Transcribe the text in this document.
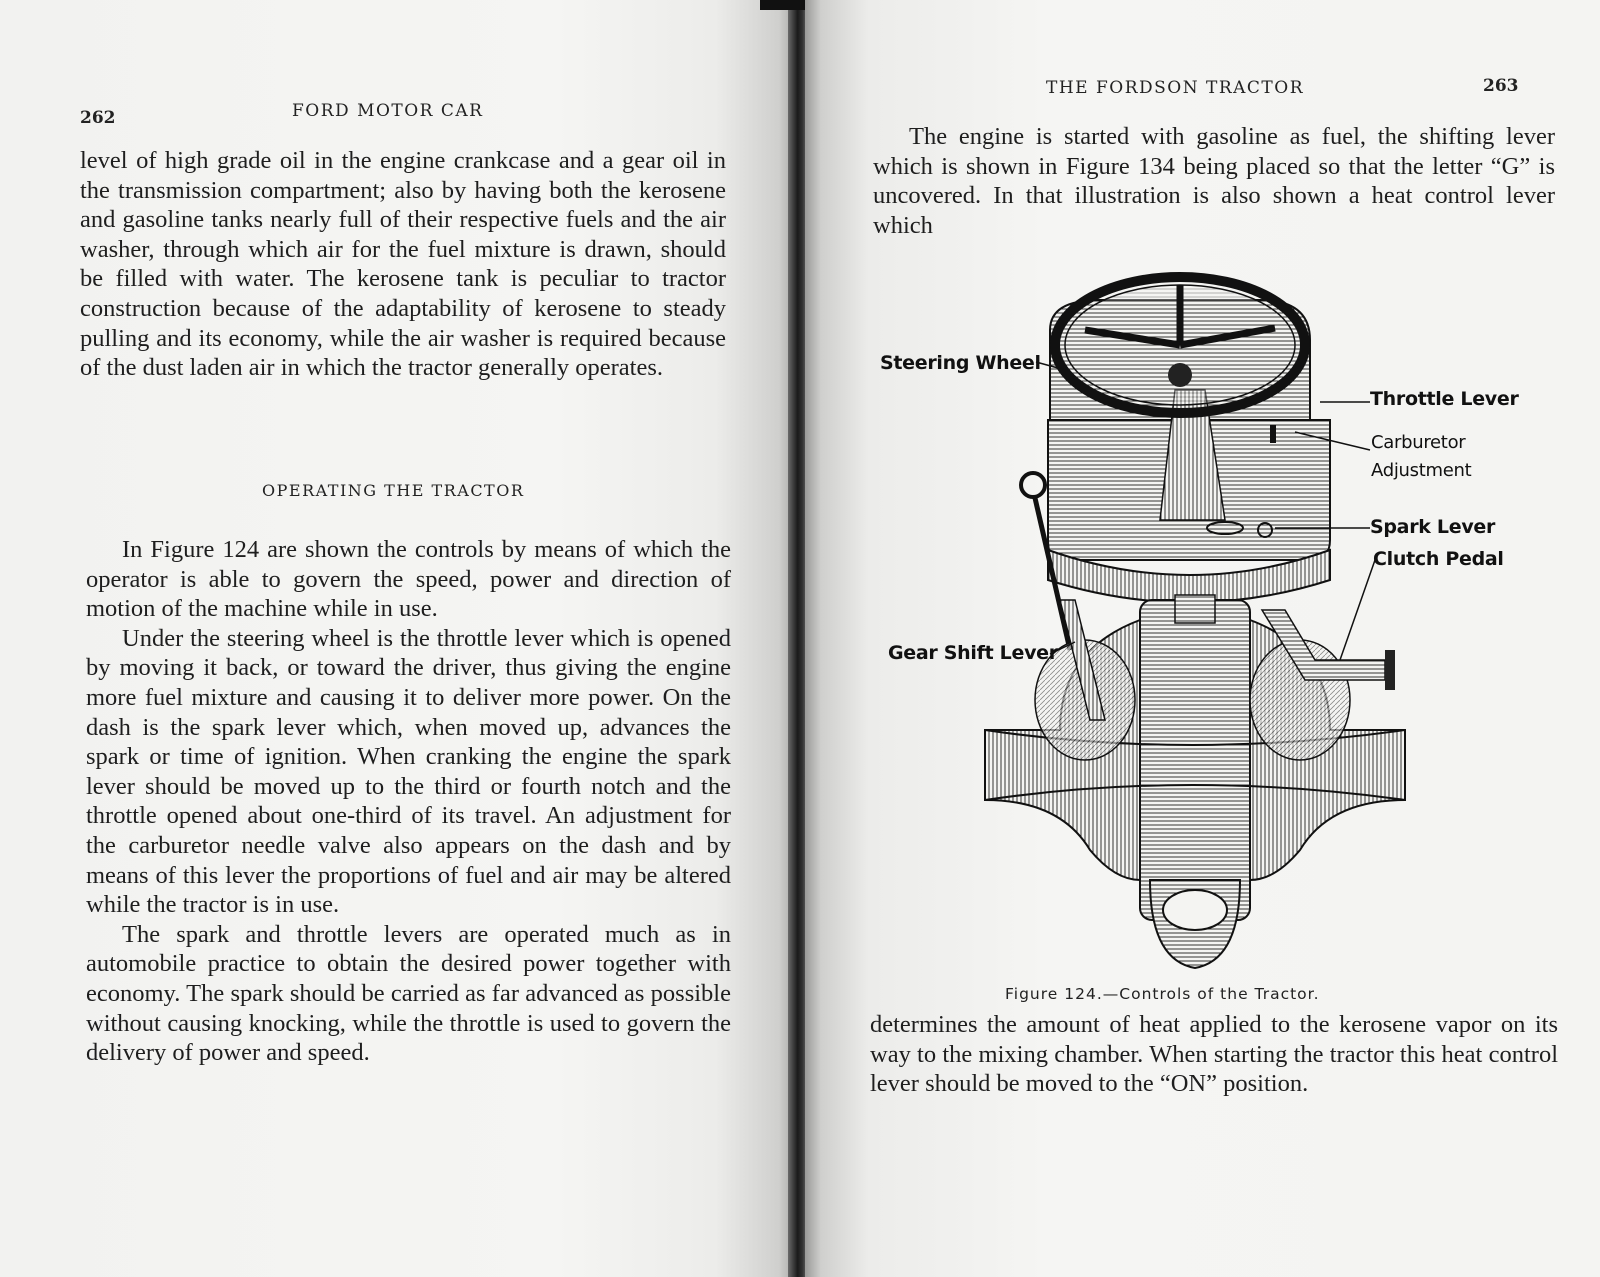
262	FORD MOTOR CAR

level of high grade oil in the engine crankcase and a gear oil in the transmission compartment; also by having both the kerosene and gasoline tanks nearly full of their respective fuels and the air washer, through which air for the fuel mixture is drawn, should be filled with water. The kerosene tank is peculiar to tractor construction because of the adaptability of kerosene to steady pulling and its economy, while the air washer is required because of the dust laden air in which the tractor generally operates.

OPERATING THE TRACTOR

In Figure 124 are shown the controls by means of which the operator is able to govern the speed, power and direction of motion of the machine while in use.

Under the steering wheel is the throttle lever which is opened by moving it back, or toward the driver, thus giving the engine more fuel mixture and causing it to deliver more power. On the dash is the spark lever which, when moved up, advances the spark or time of ignition. When cranking the engine the spark lever should be moved up to the third or fourth notch and the throttle opened about one-third of its travel. An adjustment for the carburetor needle valve also appears on the dash and by means of this lever the proportions of fuel and air may be altered while the tractor is in use.

The spark and throttle levers are operated much as in automobile practice to obtain the desired power together with economy. The spark should be carried as far advanced as possible without causing knocking, while the throttle is used to govern the delivery of power and speed.

THE FORDSON TRACTOR	263

The engine is started with gasoline as fuel, the shifting lever which is shown in Figure 134 being placed so that the letter “G” is uncovered. In that illustration is also shown a heat control lever which

Figure 124.—Controls of the Tractor.

determines the amount of heat applied to the kerosene vapor on its way to the mixing chamber. When starting the tractor this heat control lever should be moved to the “ON” position.

Steering Wheel
Throttle Lever
Carburetor
Adjustment
Spark Lever
Clutch Pedal
Gear Shift Lever
